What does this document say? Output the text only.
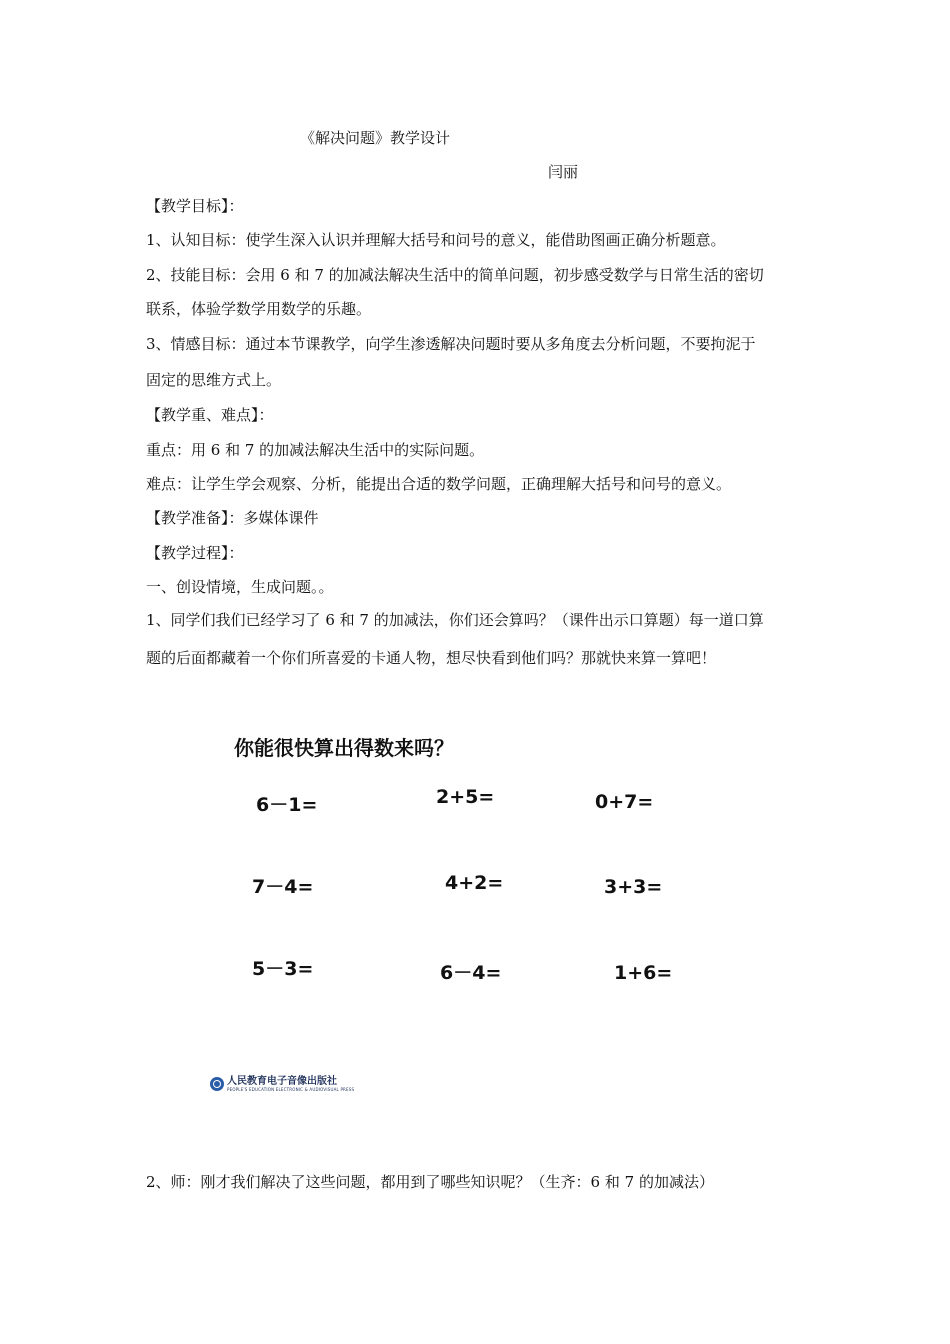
《解决问题》教学设计
闫丽
【教学目标】：
1、认知目标：使学生深入认识并理解大括号和问号的意义，能借助图画正确分析题意。
2、技能目标：会用 6 和 7 的加减法解决生活中的简单问题，初步感受数学与日常生活的密切
联系，体验学数学用数学的乐趣。
3、情感目标：通过本节课教学，向学生渗透解决问题时要从多角度去分析问题，不要拘泥于
固定的思维方式上。
【教学重、难点】：
重点：用 6 和 7 的加减法解决生活中的实际问题。
难点：让学生学会观察、分析，能提出合适的数学问题，正确理解大括号和问号的意义。
【教学准备】：多媒体课件
【教学过程】：
一、创设情境，生成问题。。
1、同学们我们已经学习了 6 和 7 的加减法，你们还会算吗？（课件出示口算题）每一道口算
题的后面都藏着一个你们所喜爱的卡通人物，想尽快看到他们吗？那就快来算一算吧！
你能很快算出得数来吗？
6－1=	2+5=	0+7=
7－4=	4+2=	3+3=
5－3=	6－4=	1+6=
人民教育电子音像出版社
PEOPLE'S EDUCATION ELECTRONIC & AUDIOVISUAL PRESS
2、师：刚才我们解决了这些问题，都用到了哪些知识呢？（生齐：6 和 7 的加减法）
